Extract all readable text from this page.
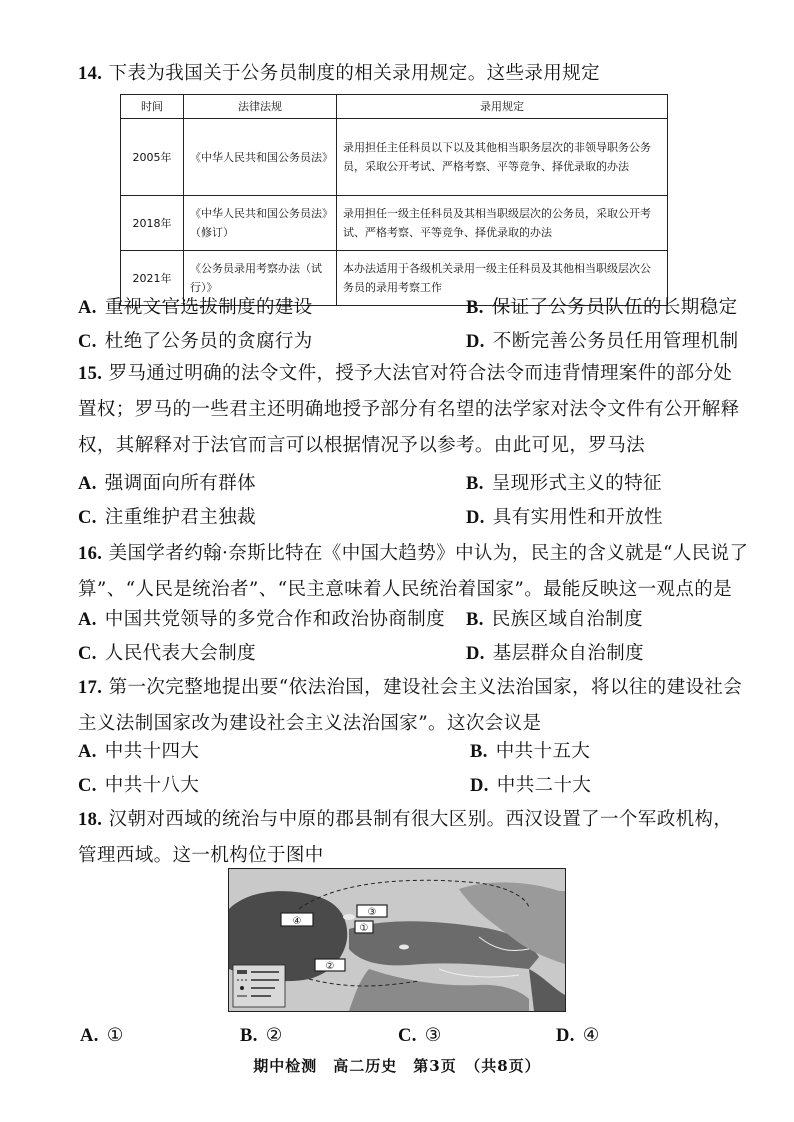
14. 下表为我国关于公务员制度的相关录用规定。这些录用规定
时间	法律法规	录用规定
2005年	《中华人民共和国公务员法》	录用担任主任科员以下以及其他相当职务层次的非领导职务公务员，采取公开考试、严格考察、平等竞争、择优录取的办法
2018年	《中华人民共和国公务员法》（修订）	录用担任一级主任科员及其相当职级层次的公务员，采取公开考试、严格考察、平等竞争、择优录取的办法
2021年	《公务员录用考察办法（试行）》	本办法适用于各级机关录用一级主任科员及其他相当职级层次公务员的录用考察工作
A. 重视文官选拔制度的建设	B. 保证了公务员队伍的长期稳定
C. 杜绝了公务员的贪腐行为	D. 不断完善公务员任用管理机制
15. 罗马通过明确的法令文件，授予大法官对符合法令而违背情理案件的部分处置权；罗马的一些君主还明确地授予部分有名望的法学家对法令文件有公开解释权，其解释对于法官而言可以根据情况予以参考。由此可见，罗马法
A. 强调面向所有群体	B. 呈现形式主义的特征
C. 注重维护君主独裁	D. 具有实用性和开放性
16. 美国学者约翰·奈斯比特在《中国大趋势》中认为，民主的含义就是“人民说了算”、“人民是统治者”、“民主意味着人民统治着国家”。最能反映这一观点的是
A. 中国共党领导的多党合作和政治协商制度 B. 民族区域自治制度
C. 人民代表大会制度	D. 基层群众自治制度
17. 第一次完整地提出要“依法治国，建设社会主义法治国家，将以往的建设社会主义法制国家改为建设社会主义法治国家”。这次会议是
A. 中共十四大	B. 中共十五大
C. 中共十八大	D. 中共二十大
18. 汉朝对西域的统治与中原的郡县制有很大区别。西汉设置了一个军政机构，管理西域。这一机构位于图中
④
③
①
②
A. ①	B. ②	C. ③	D. ④
期中检测　高二历史　第3页　（共8页）
